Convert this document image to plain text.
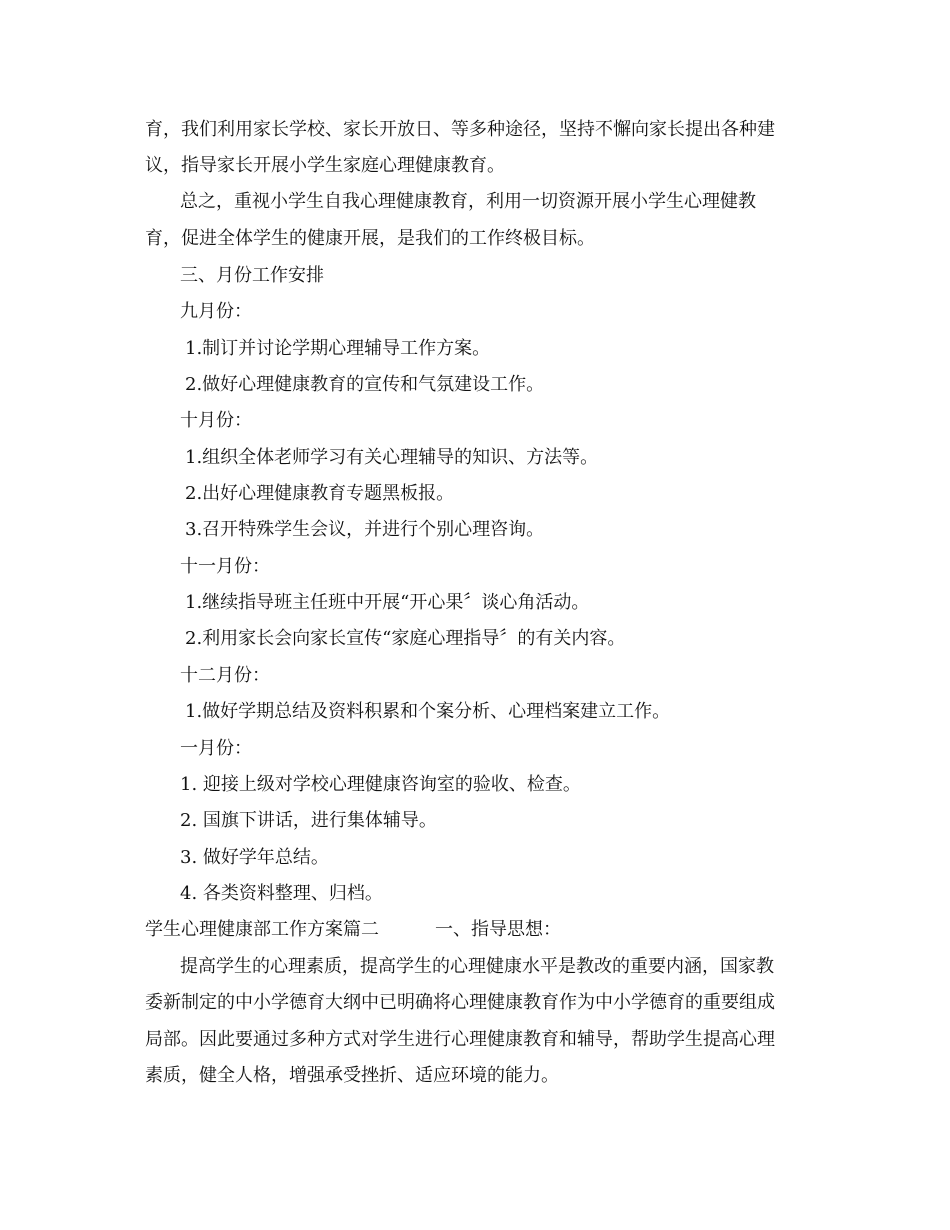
育，我们利用家长学校、家长开放日、等多种途径，坚持不懈向家长提出各种建
议，指导家长开展小学生家庭心理健康教育。
总之，重视小学生自我心理健康教育，利用一切资源开展小学生心理健教
育，促进全体学生的健康开展，是我们的工作终极目标。
三、月份工作安排
九月份：
1.制订并讨论学期心理辅导工作方案。
2.做好心理健康教育的宣传和气氛建设工作。
十月份：
1.组织全体老师学习有关心理辅导的知识、方法等。
2.出好心理健康教育专题黑板报。
3.召开特殊学生会议，并进行个别心理咨询。
十一月份：
1.继续指导班主任班中开展“开心果〞谈心角活动。
2.利用家长会向家长宣传“家庭心理指导〞的有关内容。
十二月份：
1.做好学期总结及资料积累和个案分析、心理档案建立工作。
一月份：
1. 迎接上级对学校心理健康咨询室的验收、检查。
2. 国旗下讲话，进行集体辅导。
3. 做好学年总结。
4. 各类资料整理、归档。
学生心理健康部工作方案篇二	一、指导思想：
提高学生的心理素质，提高学生的心理健康水平是教改的重要内涵，国家教
委新制定的中小学德育大纲中已明确将心理健康教育作为中小学德育的重要组成
局部。因此要通过多种方式对学生进行心理健康教育和辅导，帮助学生提高心理
素质，健全人格，增强承受挫折、适应环境的能力。
